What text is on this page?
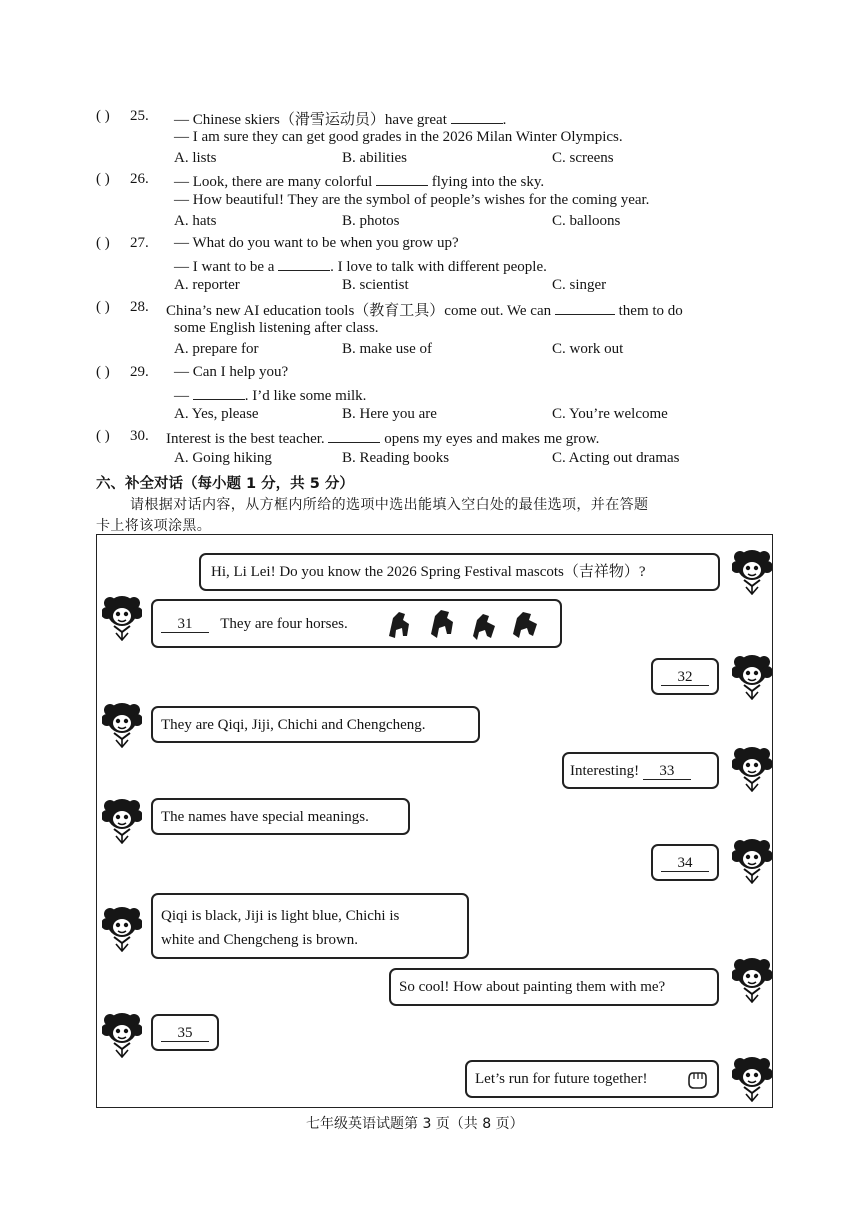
( ) 25. — Chinese skiers（滑雪运动员）have great	.
— I am sure they can get good grades in the 2026 Milan Winter Olympics.
A. lists	B. abilities	C. screens
( ) 26. — Look, there are many colorful	flying into the sky.
— How beautiful! They are the symbol of people’s wishes for the coming year.
A. hats	B. photos	C. balloons
( ) 27. — What do you want to be when you grow up?
— I want to be a	. I love to talk with different people.
A. reporter	B. scientist	C. singer
( ) 28. China’s new AI education tools（教育工具）come out. We can	them to do
some English listening after class.
A. prepare for	B. make use of	C. work out
( ) 29. — Can I help you?
—	. I’d like some milk.
A. Yes, please	B. Here you are	C. You’re welcome
( ) 30. Interest is the best teacher.	opens my eyes and makes me grow.
A. Going hiking	B. Reading books	C. Acting out dramas
六、补全对话（每小题 1 分，共 5 分）
请根据对话内容，从方框内所给的选项中选出能填入空白处的最佳选项，并在答题
卡上将该项涂黑。
Hi, Li Lei! Do you know the 2026 Spring Festival mascots（吉祥物）?
31 They are four horses.
32
They are Qiqi, Jiji, Chichi and Chengcheng.
Interesting! 33
The names have special meanings.
34
Qiqi is black, Jiji is light blue, Chichi is
white and Chengcheng is brown.
So cool! How about painting them with me?
35
Let’s run for future together!
七年级英语试题第 3 页（共 8 页）
